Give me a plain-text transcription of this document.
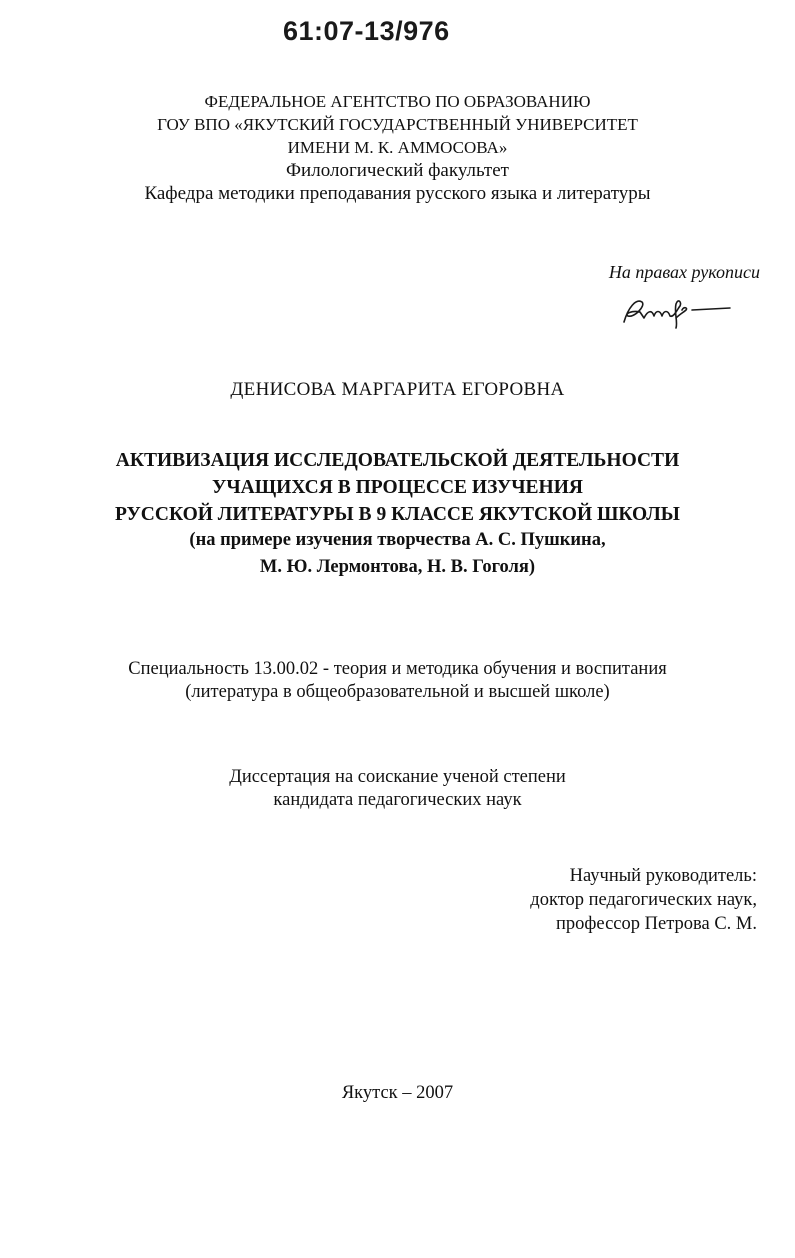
61:07-13/976
ФЕДЕРАЛЬНОЕ АГЕНТСТВО ПО ОБРАЗОВАНИЮ
ГОУ ВПО «ЯКУТСКИЙ ГОСУДАРСТВЕННЫЙ УНИВЕРСИТЕТ
ИМЕНИ М. К. АММОСОВА»
Филологический факультет
Кафедра методики преподавания русского языка и литературы
На правах рукописи
ДЕНИСОВА МАРГАРИТА ЕГОРОВНА
АКТИВИЗАЦИЯ ИССЛЕДОВАТЕЛЬСКОЙ ДЕЯТЕЛЬНОСТИ
УЧАЩИХСЯ В ПРОЦЕССЕ ИЗУЧЕНИЯ
РУССКОЙ ЛИТЕРАТУРЫ В 9 КЛАССЕ ЯКУТСКОЙ ШКОЛЫ
(на примере изучения творчества А. С. Пушкина,
М. Ю. Лермонтова, Н. В. Гоголя)
Специальность 13.00.02 - теория и методика обучения и воспитания
(литература в общеобразовательной и высшей школе)
Диссертация на соискание ученой степени
кандидата педагогических наук
Научный руководитель:
доктор педагогических наук,
профессор Петрова С. М.
Якутск – 2007
